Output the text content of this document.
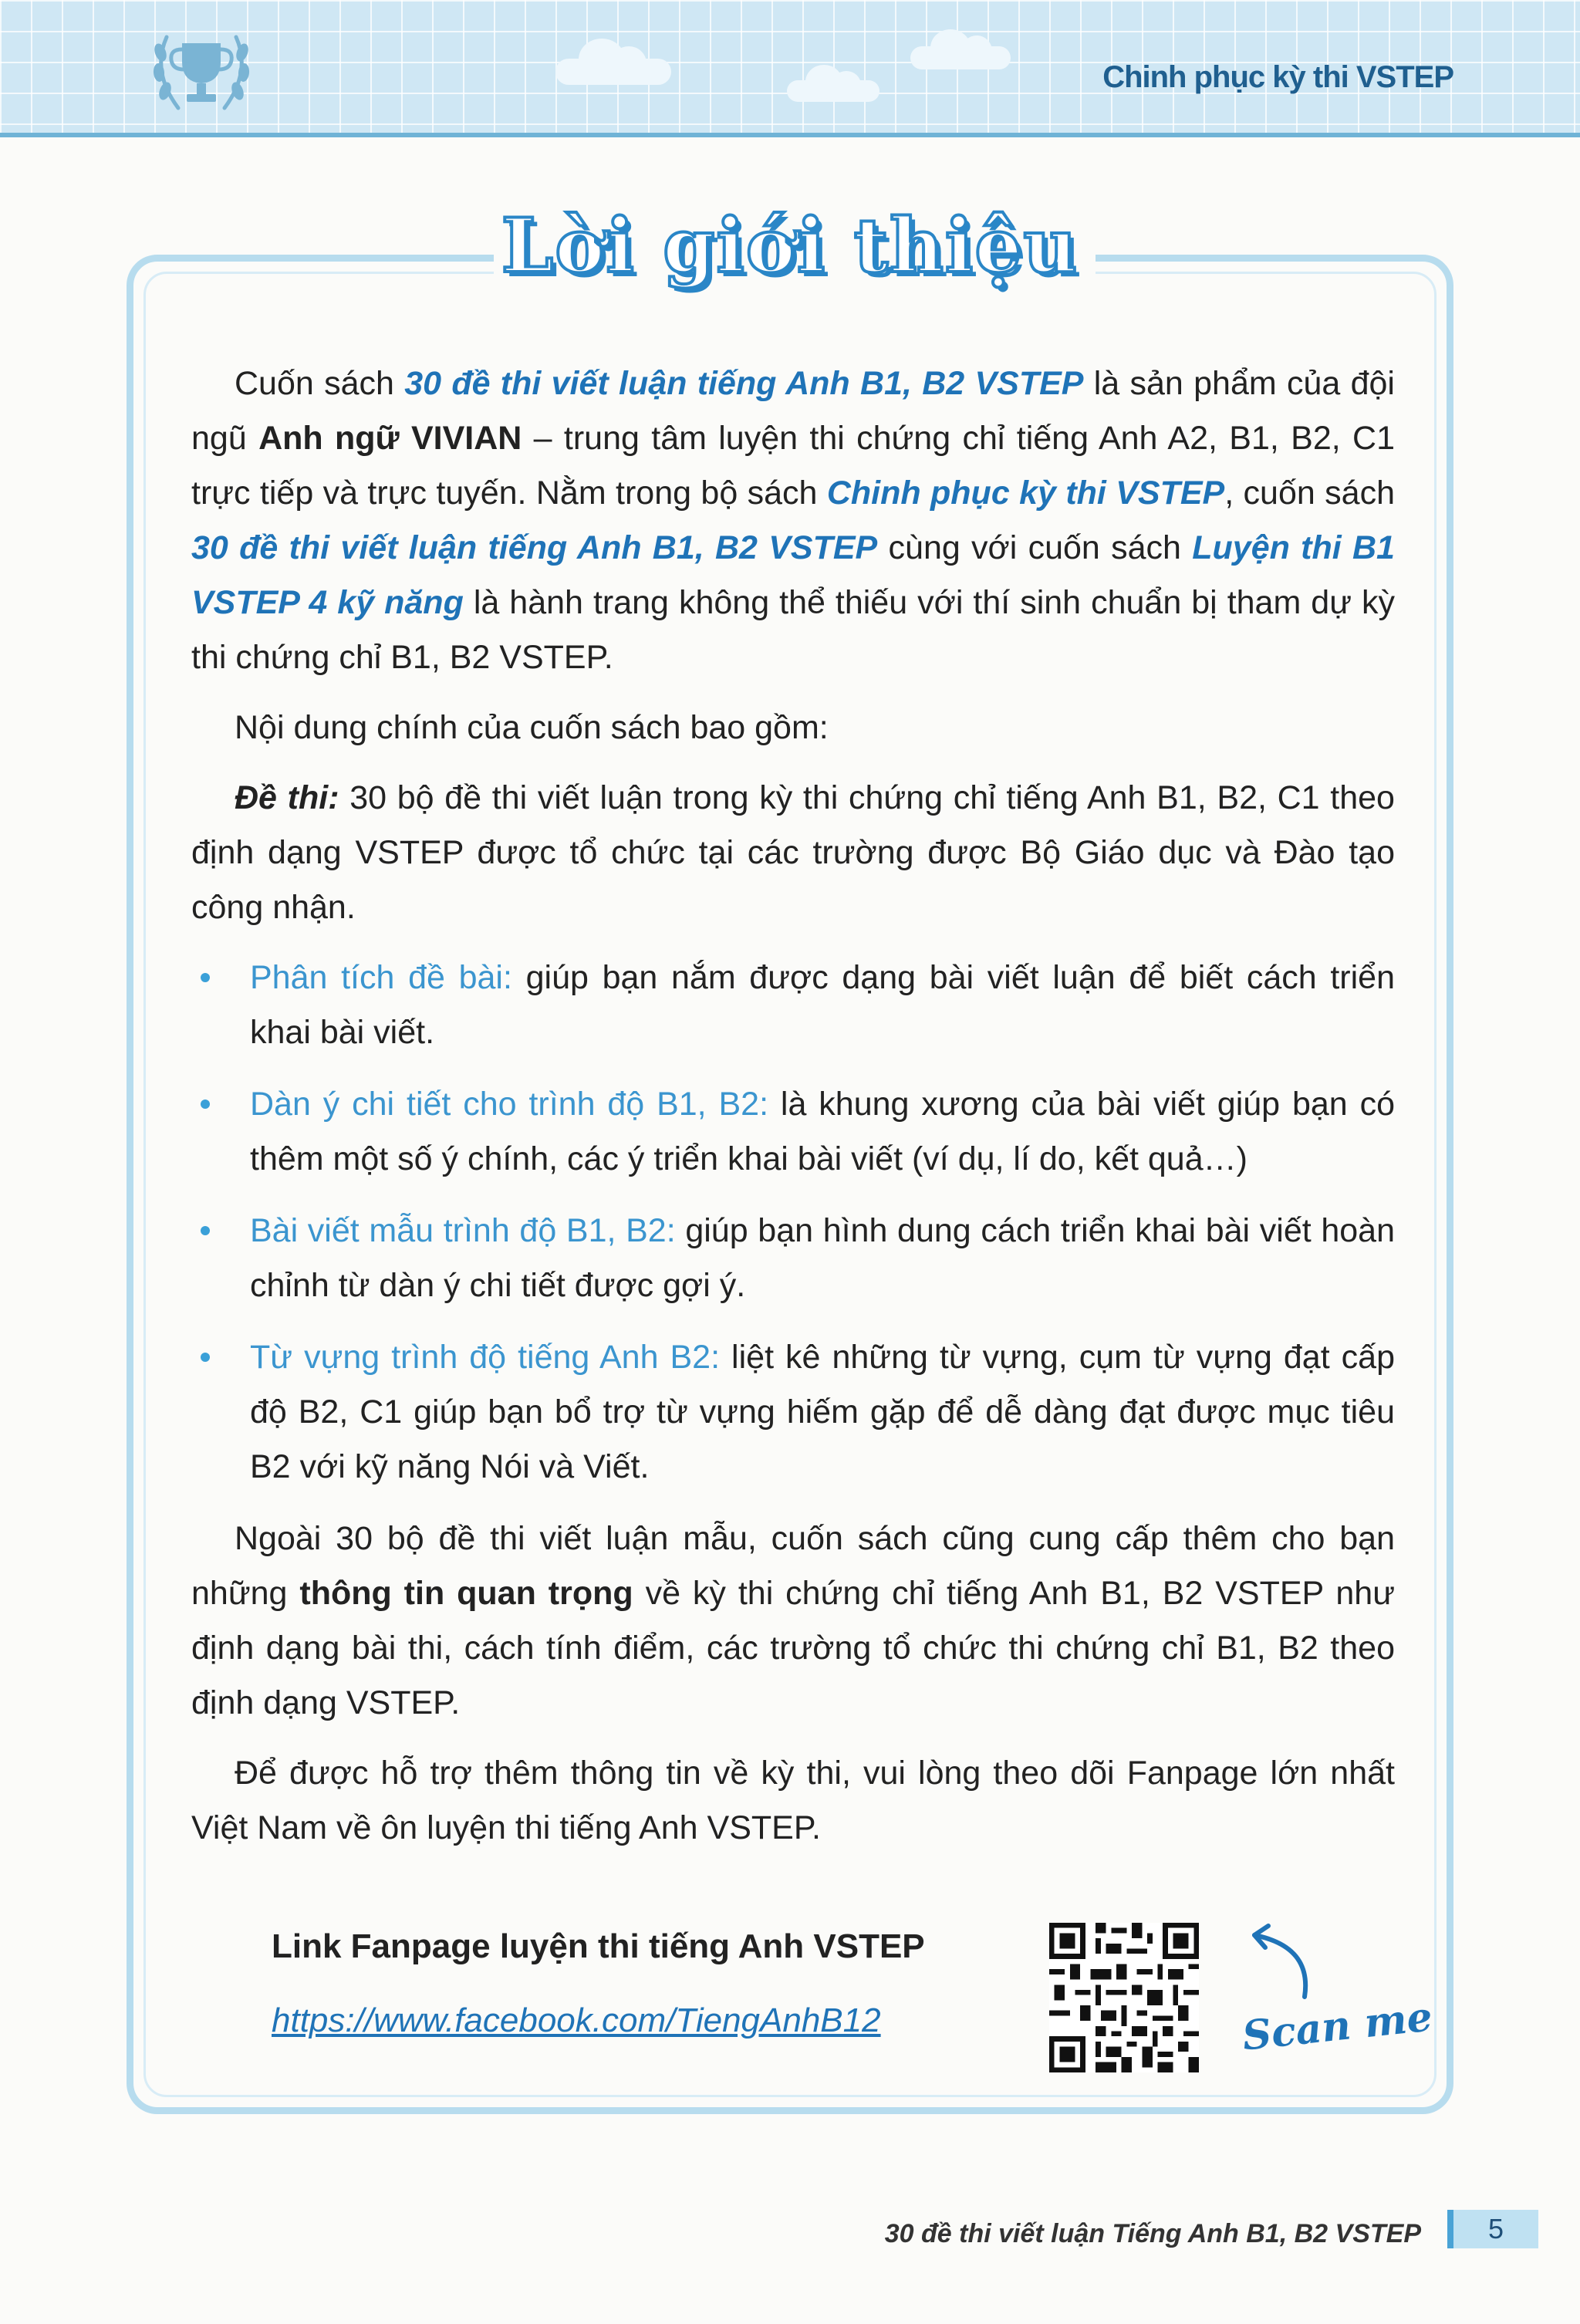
Chinh phục kỳ thi VSTEP
Lời giới thiệu

Cuốn sách 30 đề thi viết luận tiếng Anh B1, B2 VSTEP là sản phẩm của đội ngũ Anh ngữ VIVIAN – trung tâm luyện thi chứng chỉ tiếng Anh A2, B1, B2, C1 trực tiếp và trực tuyến. Nằm trong bộ sách Chinh phục kỳ thi VSTEP, cuốn sách 30 đề thi viết luận tiếng Anh B1, B2 VSTEP cùng với cuốn sách Luyện thi B1 VSTEP 4 kỹ năng là hành trang không thể thiếu với thí sinh chuẩn bị tham dự kỳ thi chứng chỉ B1, B2 VSTEP.

Nội dung chính của cuốn sách bao gồm:

Đề thi: 30 bộ đề thi viết luận trong kỳ thi chứng chỉ tiếng Anh B1, B2, C1 theo định dạng VSTEP được tổ chức tại các trường được Bộ Giáo dục và Đào tạo công nhận.

Phân tích đề bài: giúp bạn nắm được dạng bài viết luận để biết cách triển khai bài viết.
Dàn ý chi tiết cho trình độ B1, B2: là khung xương của bài viết giúp bạn có thêm một số ý chính, các ý triển khai bài viết (ví dụ, lí do, kết quả…)
Bài viết mẫu trình độ B1, B2: giúp bạn hình dung cách triển khai bài viết hoàn chỉnh từ dàn ý chi tiết được gợi ý.
Từ vựng trình độ tiếng Anh B2: liệt kê những từ vựng, cụm từ vựng đạt cấp độ B2, C1 giúp bạn bổ trợ từ vựng hiếm gặp để dễ dàng đạt được mục tiêu B2 với kỹ năng Nói và Viết.

Ngoài 30 bộ đề thi viết luận mẫu, cuốn sách cũng cung cấp thêm cho bạn những thông tin quan trọng về kỳ thi chứng chỉ tiếng Anh B1, B2 VSTEP như định dạng bài thi, cách tính điểm, các trường tổ chức thi chứng chỉ B1, B2 theo định dạng VSTEP.

Để được hỗ trợ thêm thông tin về kỳ thi, vui lòng theo dõi Fanpage lớn nhất Việt Nam về ôn luyện thi tiếng Anh VSTEP.

Link Fanpage luyện thi tiếng Anh VSTEP
https://www.facebook.com/TiengAnhB12	Scan me
30 đề thi viết luận Tiếng Anh B1, B2 VSTEP	5
